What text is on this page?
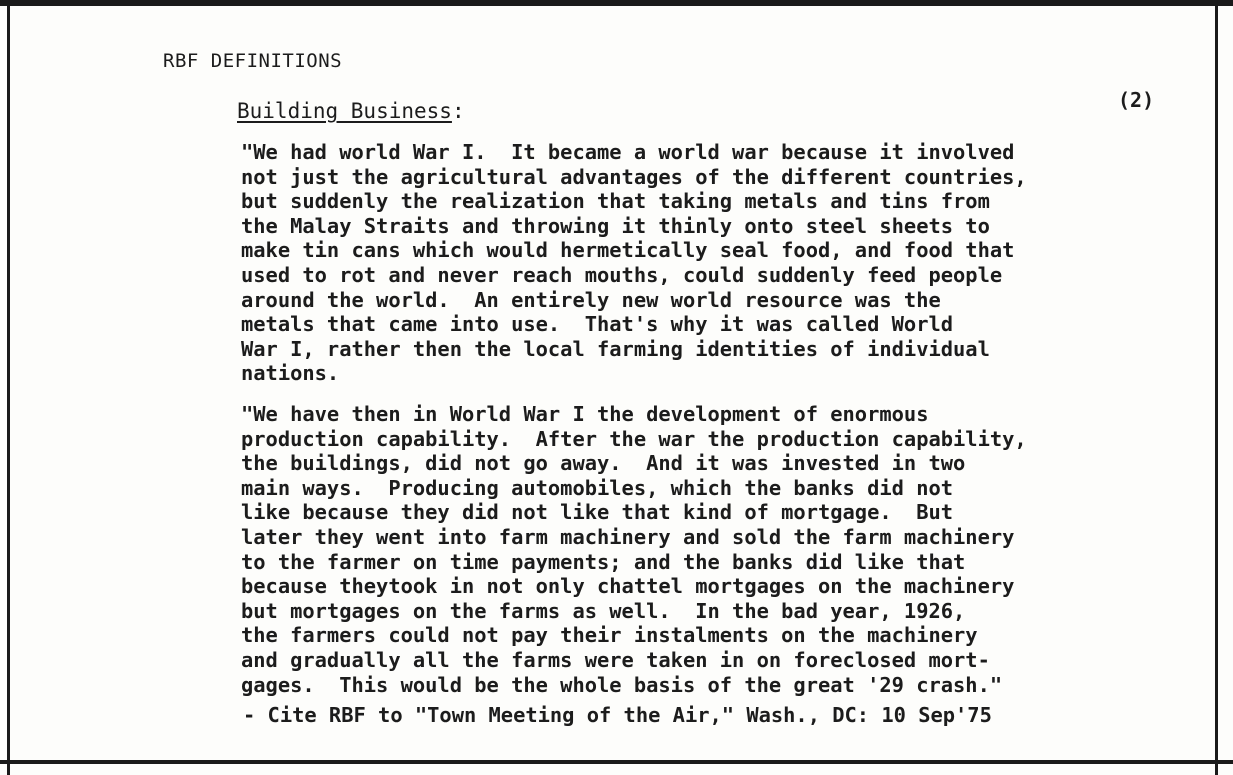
RBF DEFINITIONS
Building Business:	(2)

"We had world War I.  It became a world war because it involved
not just the agricultural advantages of the different countries,
but suddenly the realization that taking metals and tins from
the Malay Straits and throwing it thinly onto steel sheets to
make tin cans which would hermetically seal food, and food that
used to rot and never reach mouths, could suddenly feed people
around the world.  An entirely new world resource was the
metals that came into use.  That's why it was called World
War I, rather then the local farming identities of individual
nations.

"We have then in World War I the development of enormous
production capability.  After the war the production capability,
the buildings, did not go away.  And it was invested in two
main ways.  Producing automobiles, which the banks did not
like because they did not like that kind of mortgage.  But
later they went into farm machinery and sold the farm machinery
to the farmer on time payments; and the banks did like that
because theytook in not only chattel mortgages on the machinery
but mortgages on the farms as well.  In the bad year, 1926,
the farmers could not pay their instalments on the machinery
and gradually all the farms were taken in on foreclosed mort-
gages.  This would be the whole basis of the great '29 crash."

- Cite RBF to "Town Meeting of the Air," Wash., DC: 10 Sep'75
